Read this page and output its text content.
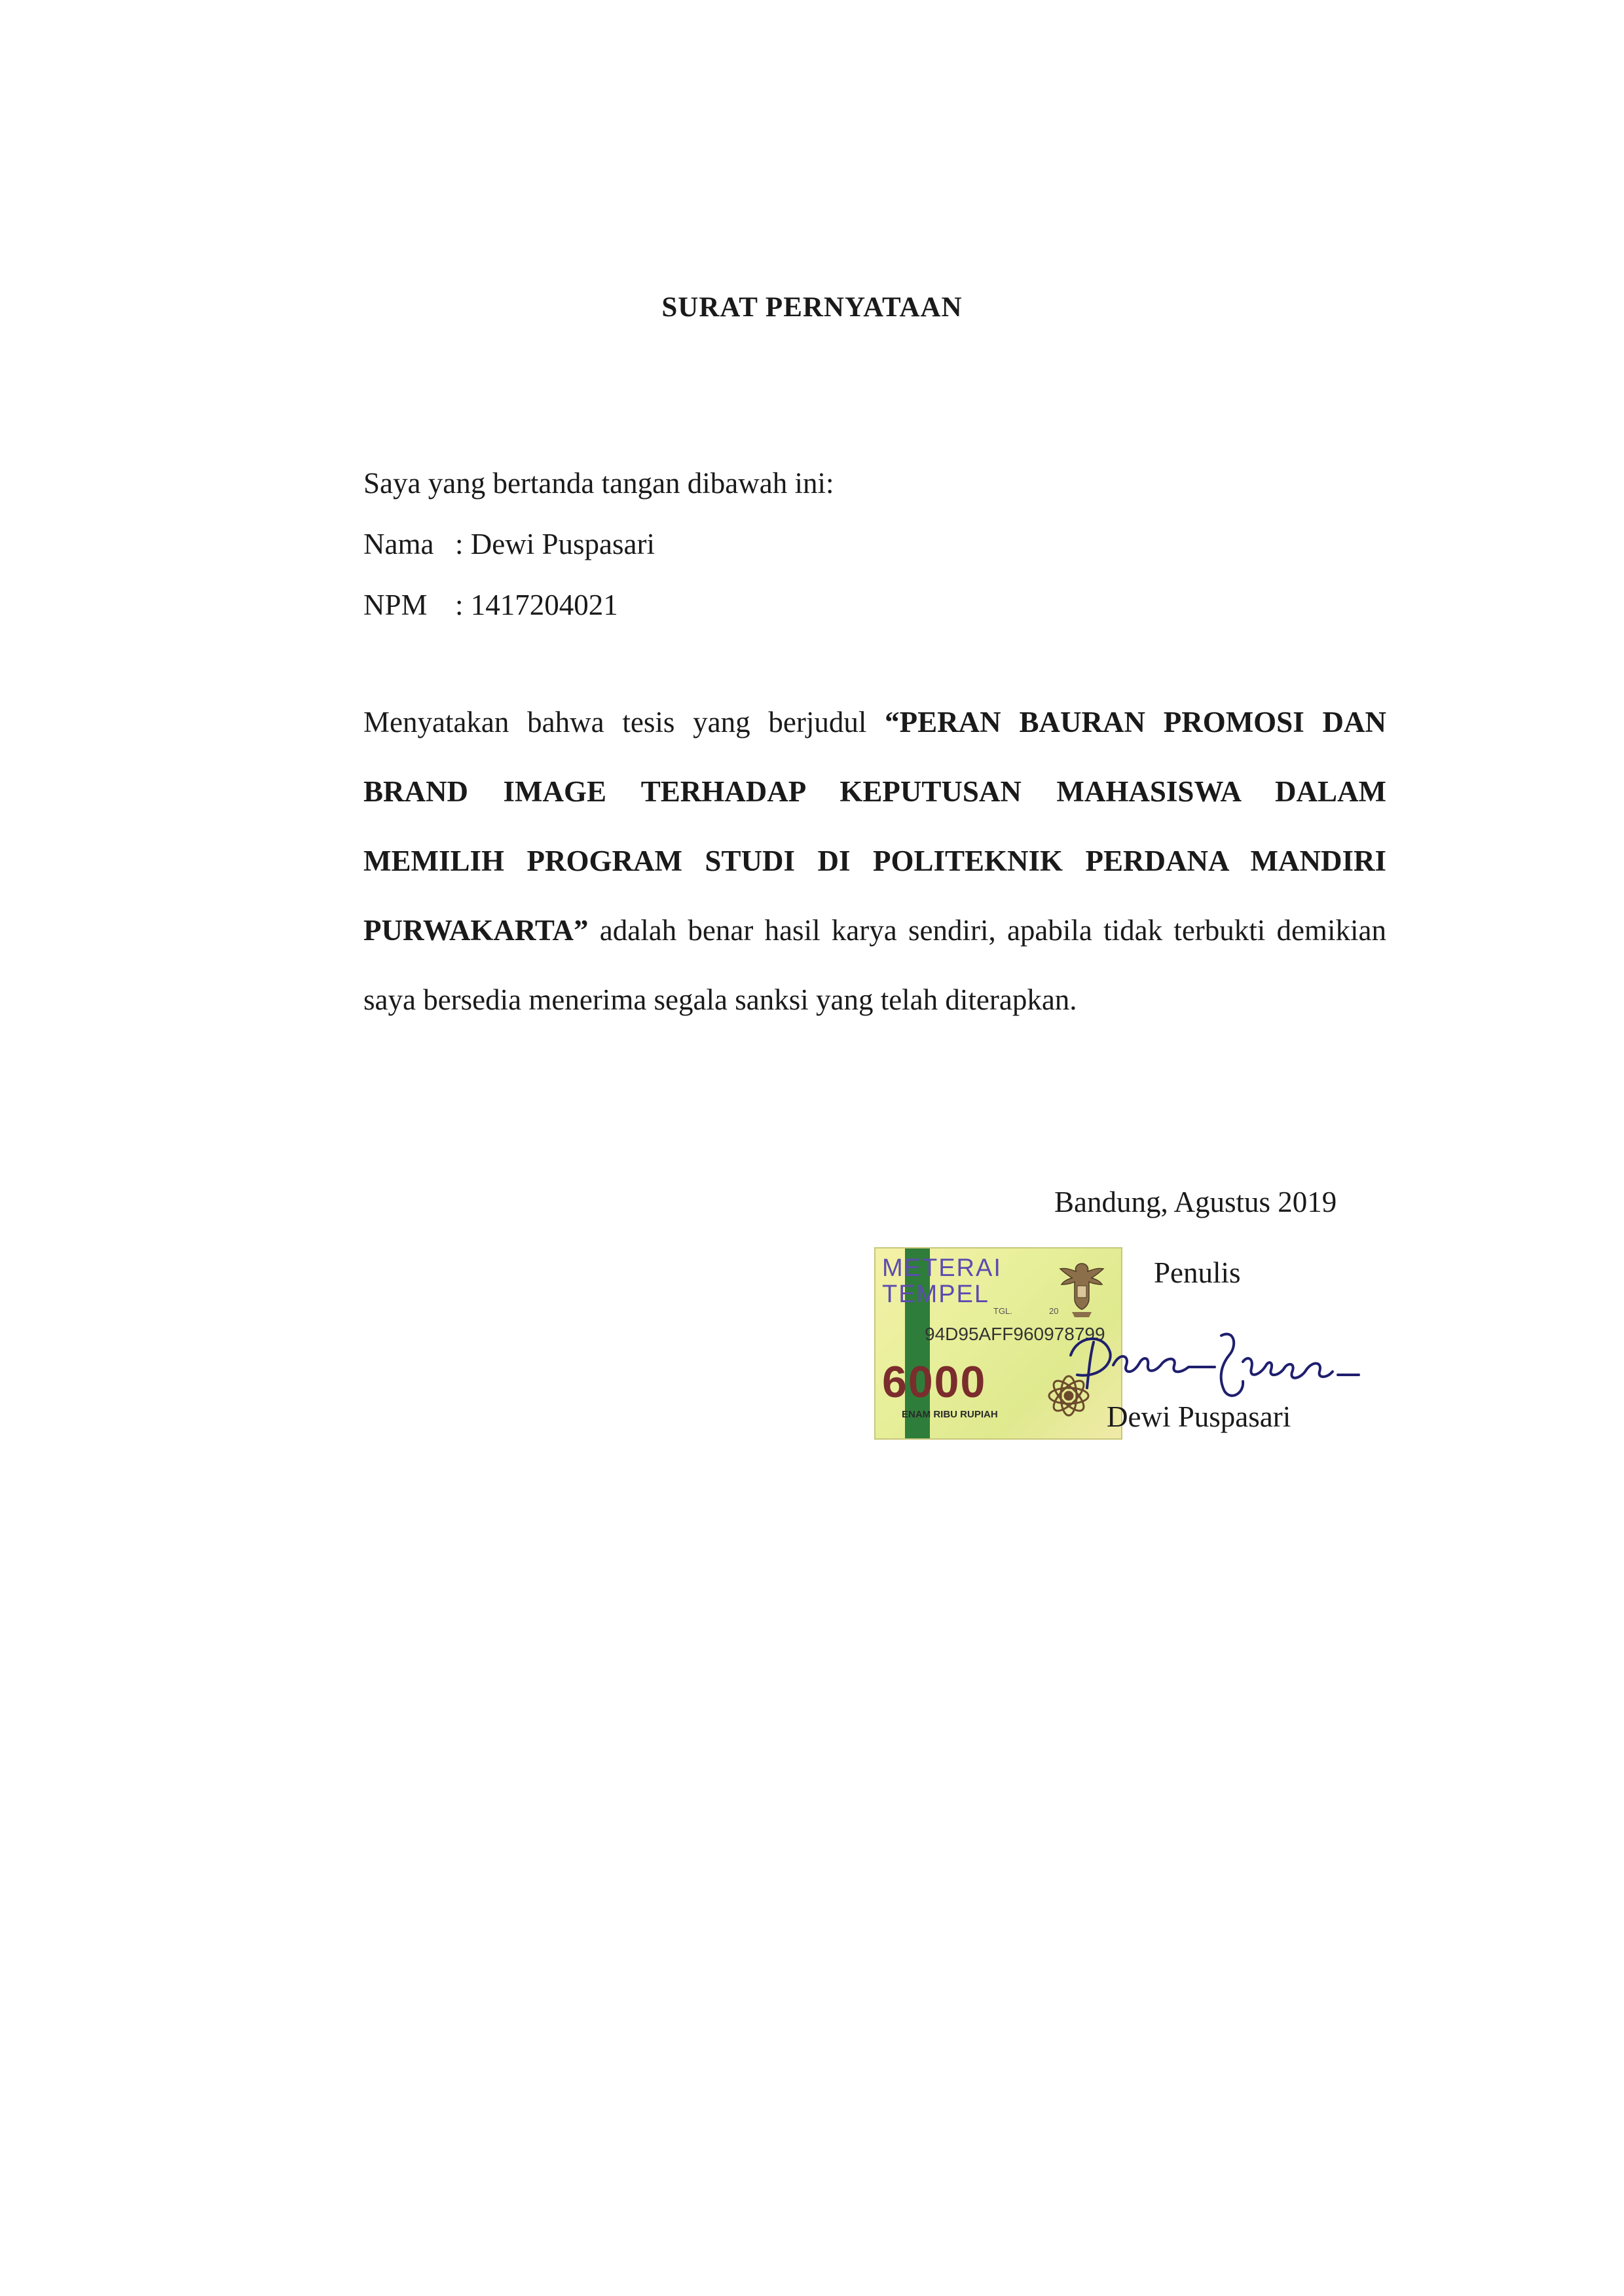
SURAT PERNYATAAN
Saya yang bertanda tangan dibawah ini:
Nama : Dewi Puspasari
NPM : 1417204021
Menyatakan bahwa tesis yang berjudul “PERAN BAURAN PROMOSI DAN BRAND IMAGE TERHADAP KEPUTUSAN MAHASISWA DALAM MEMILIH PROGRAM STUDI DI POLITEKNIK PERDANA MANDIRI PURWAKARTA” adalah benar hasil karya sendiri, apabila tidak terbukti demikian saya bersedia menerima segala sanksi yang telah diterapkan.
Bandung, Agustus 2019
Penulis
METERAI
TEMPEL
TGL.	20
94D95AFF960978799
6000
ENAM RIBU RUPIAH	Dewi Puspasari
